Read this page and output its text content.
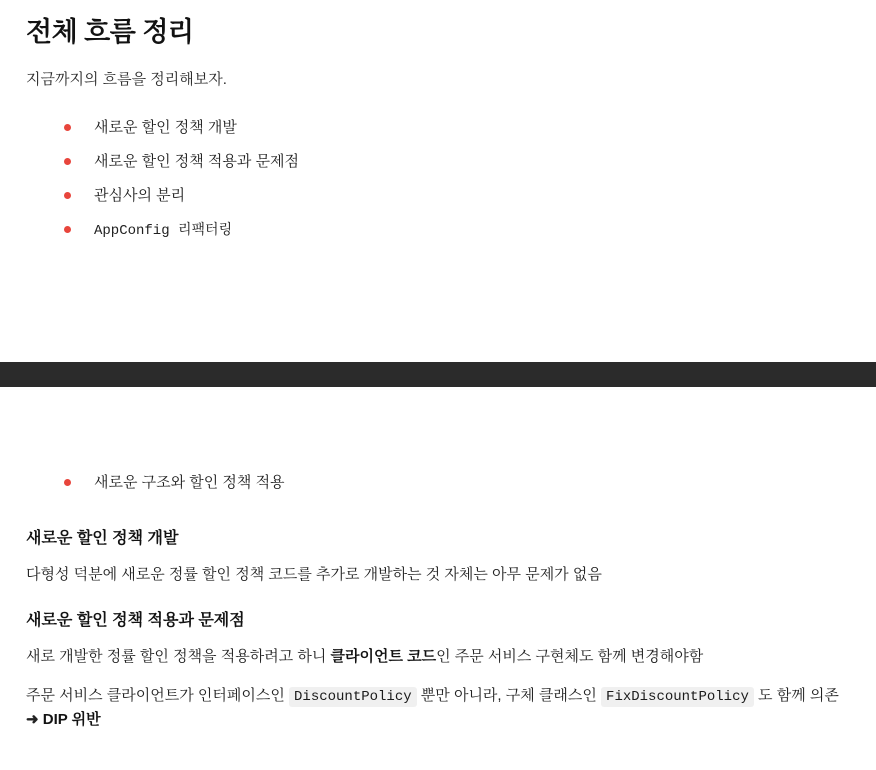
전체 흐름 정리

지금까지의 흐름을 정리해보자.

새로운 할인 정책 개발
새로운 할인 정책 적용과 문제점
관심사의 분리
AppConfig 리팩터링
새로운 구조와 할인 정책 적용
새로운 할인 정책 개발

다형성 덕분에 새로운 정률 할인 정책 코드를 추가로 개발하는 것 자체는 아무 문제가 없음

새로운 할인 정책 적용과 문제점

새로 개발한 정률 할인 정책을 적용하려고 하니 클라이언트 코드인 주문 서비스 구현체도 함께 변경해야함

주문 서비스 클라이언트가 인터페이스인 DiscountPolicy 뿐만 아니라, 구체 클래스인 FixDiscountPolicy 도 함께 의존 ➜ DIP 위반
